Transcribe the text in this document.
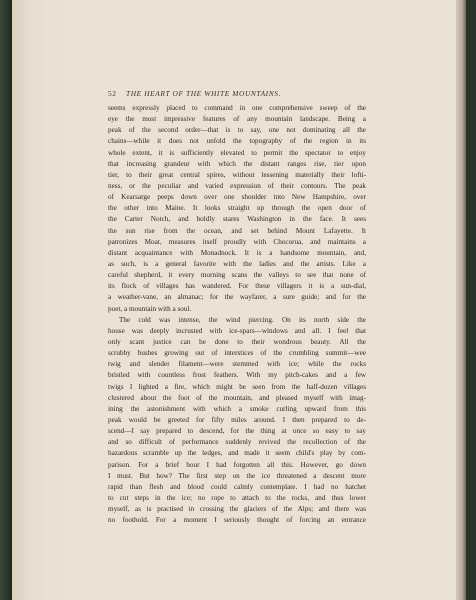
52 THE HEART OF THE WHITE MOUNTAINS.
seems expressly placed to command in one comprehensive sweep of the
eye the most impressive features of any mountain landscape. Being a
peak of the second order—that is to say, one not dominating all the
chains—while it does not unfold the topography of the region in its
whole extent, it is sufficiently elevated to permit the spectator to enjoy
that increasing grandeur with which the distant ranges rise, tier upon
tier, to their great central spires, without lessening materially their lofti-
ness, or the peculiar and varied expression of their contours. The peak
of Kearsarge peeps down over one shoulder into New Hampshire, over
the other into Maine. It looks straight up through the open door of
the Carter Notch, and boldly stares Washington in the face. It sees
the sun rise from the ocean, and set behind Mount Lafayette. It
patronizes Moat, measures itself proudly with Chocorua, and maintains a
distant acquaintance with Monadnock. It is a handsome mountain, and,
as such, is a general favorite with the ladies and the artists. Like a
careful shepherd, it every morning scans the valleys to see that none of
its flock of villages has wandered. For these villagers it is a sun-dial,
a weather-vane, an almanac; for the wayfarer, a sure guide; and for the
poet, a mountain with a soul.
The cold was intense, the wind piercing. On its north side the
house was deeply incrusted with ice-spars—windows and all. I feel that
only scant justice can be done to their wondrous beauty. All the
scrubby bushes growing out of interstices of the crumbling summit—wee
twig and slender filament—were stemmed with ice; while the rocks
bristled with countless frost feathers. With my pitch-cakes and a few
twigs I lighted a fire, which might be seen from the half-dozen villages
clustered about the foot of the mountain, and pleased myself with imag-
ining the astonishment with which a smoke curling upward from this
peak would be greeted for fifty miles around. I then prepared to de-
scend—I say prepared to descend, for the thing at once so easy to say
and so difficult of performance suddenly revived the recollection of the
hazardous scramble up the ledges, and made it seem child's play by com-
parison. For a brief hour I had forgotten all this. However, go down
I must. But how? The first step on the ice threatened a descent more
rapid than flesh and blood could calmly contemplate. I had no hatchet
to cut steps in the ice; no rope to attach to the rocks, and thus lower
myself, as is practised in crossing the glaciers of the Alps; and there was
no foothold. For a moment I seriously thought of forcing an entrance
